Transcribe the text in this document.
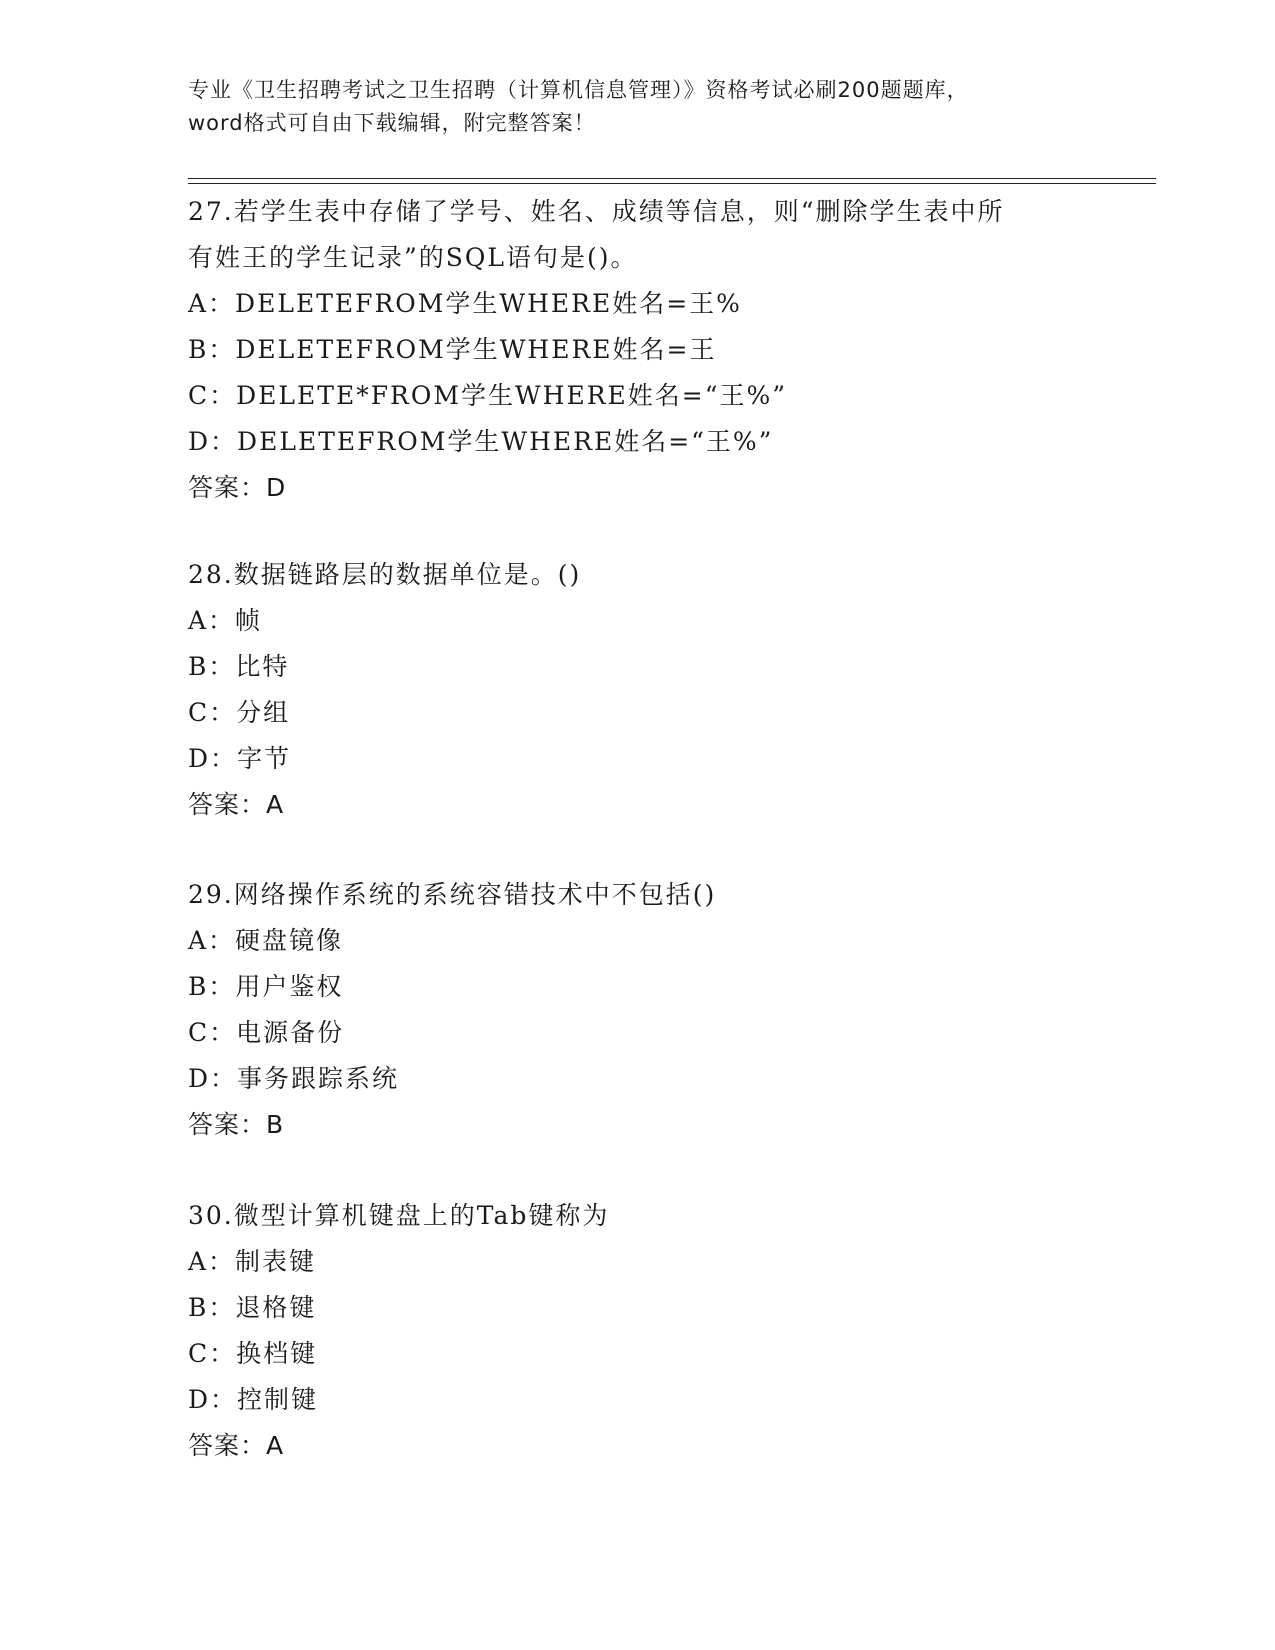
专业《卫生招聘考试之卫生招聘（计算机信息管理）》资格考试必刷200题题库，
word格式可自由下载编辑，附完整答案！
27.若学生表中存储了学号、姓名、成绩等信息，则“删除学生表中所
有姓王的学生记录”的SQL语句是()。
A：DELETEFROM学生WHERE姓名=王%
B：DELETEFROM学生WHERE姓名=王
C：DELETE*FROM学生WHERE姓名=“王%”
D：DELETEFROM学生WHERE姓名=“王%”
答案：D
28.数据链路层的数据单位是。()
A：帧
B：比特
C：分组
D：字节
答案：A
29.网络操作系统的系统容错技术中不包括()
A：硬盘镜像
B：用户鉴权
C：电源备份
D：事务跟踪系统
答案：B
30.微型计算机键盘上的Tab键称为
A：制表键
B：退格键
C：换档键
D：控制键
答案：A
